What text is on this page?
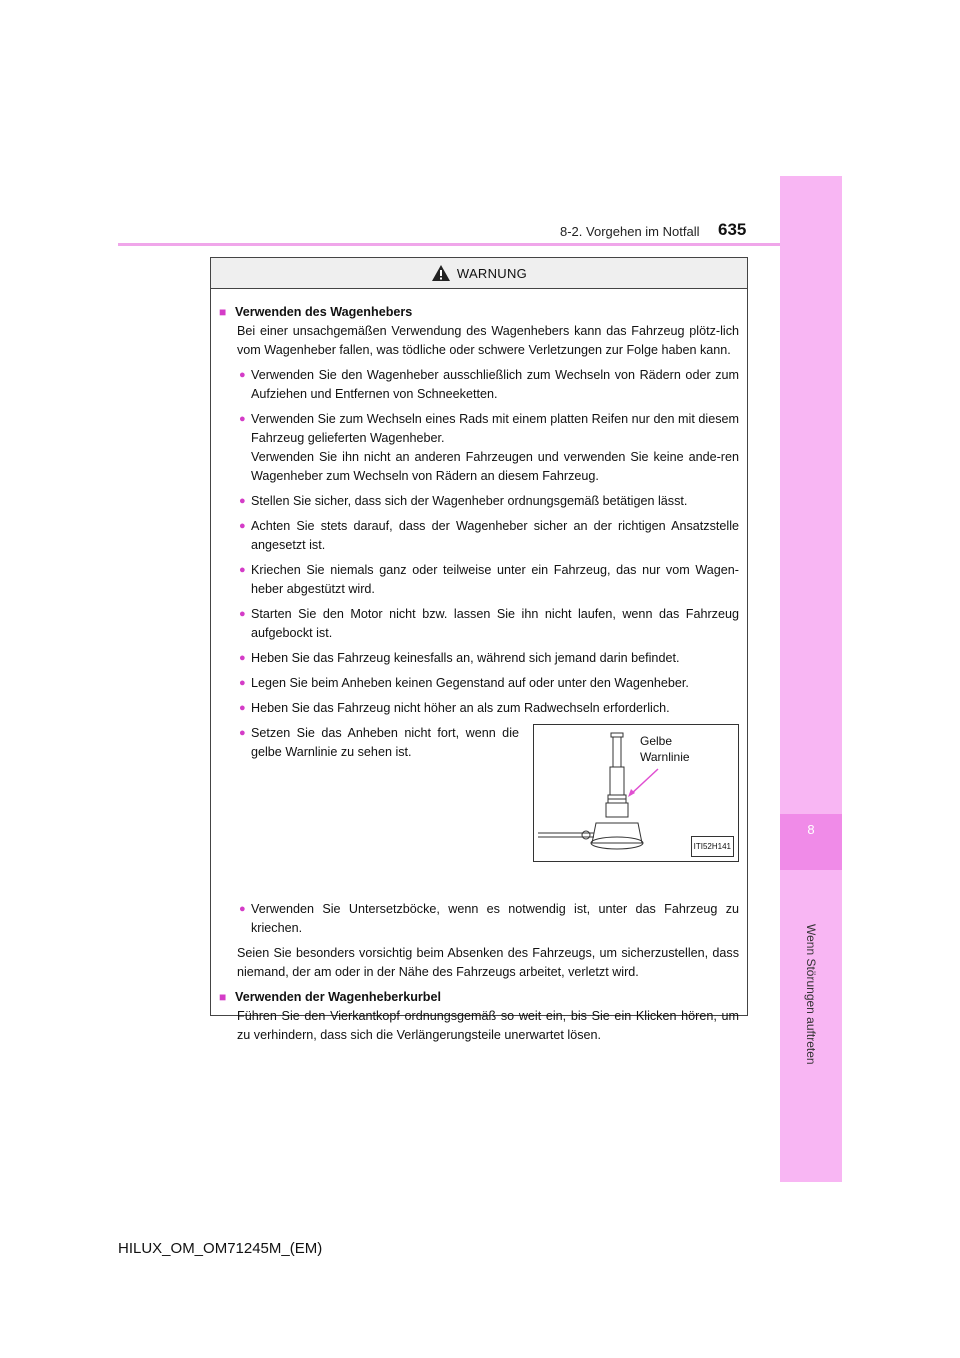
8
Wenn Störungen auftreten
635
8-2. Vorgehen im Notfall
WARNUNG
■ Verwenden des Wagenhebers

Bei einer unsachgemäßen Verwendung des Wagenhebers kann das Fahrzeug plötz-lich vom Wagenheber fallen, was tödliche oder schwere Verletzungen zur Folge haben kann.

● Verwenden Sie den Wagenheber ausschließlich zum Wechseln von Rädern oder zum Aufziehen und Entfernen von Schneeketten.
● Verwenden Sie zum Wechseln eines Rads mit einem platten Reifen nur den mit diesem Fahrzeug gelieferten Wagenheber.
Verwenden Sie ihn nicht an anderen Fahrzeugen und verwenden Sie keine ande-ren Wagenheber zum Wechseln von Rädern an diesem Fahrzeug.
● Stellen Sie sicher, dass sich der Wagenheber ordnungsgemäß betätigen lässt.
● Achten Sie stets darauf, dass der Wagenheber sicher an der richtigen Ansatzstelle angesetzt ist.
● Kriechen Sie niemals ganz oder teilweise unter ein Fahrzeug, das nur vom Wagen-heber abgestützt wird.
● Starten Sie den Motor nicht bzw. lassen Sie ihn nicht laufen, wenn das Fahrzeug aufgebockt ist.
● Heben Sie das Fahrzeug keinesfalls an, während sich jemand darin befindet.
● Legen Sie beim Anheben keinen Gegenstand auf oder unter den Wagenheber.
● Heben Sie das Fahrzeug nicht höher an als zum Radwechseln erforderlich.
● Setzen Sie das Anheben nicht fort, wenn die gelbe Warnlinie zu sehen ist.
Gelbe
Warnlinie
ITI52H141
● Verwenden Sie Untersetzböcke, wenn es notwendig ist, unter das Fahrzeug zu kriechen.

Seien Sie besonders vorsichtig beim Absenken des Fahrzeugs, um sicherzustellen, dass niemand, der am oder in der Nähe des Fahrzeugs arbeitet, verletzt wird.

■ Verwenden der Wagenheberkurbel

Führen Sie den Vierkantkopf ordnungsgemäß so weit ein, bis Sie ein Klicken hören, um zu verhindern, dass sich die Verlängerungsteile unerwartet lösen.

HILUX_OM_OM71245M_(EM)
